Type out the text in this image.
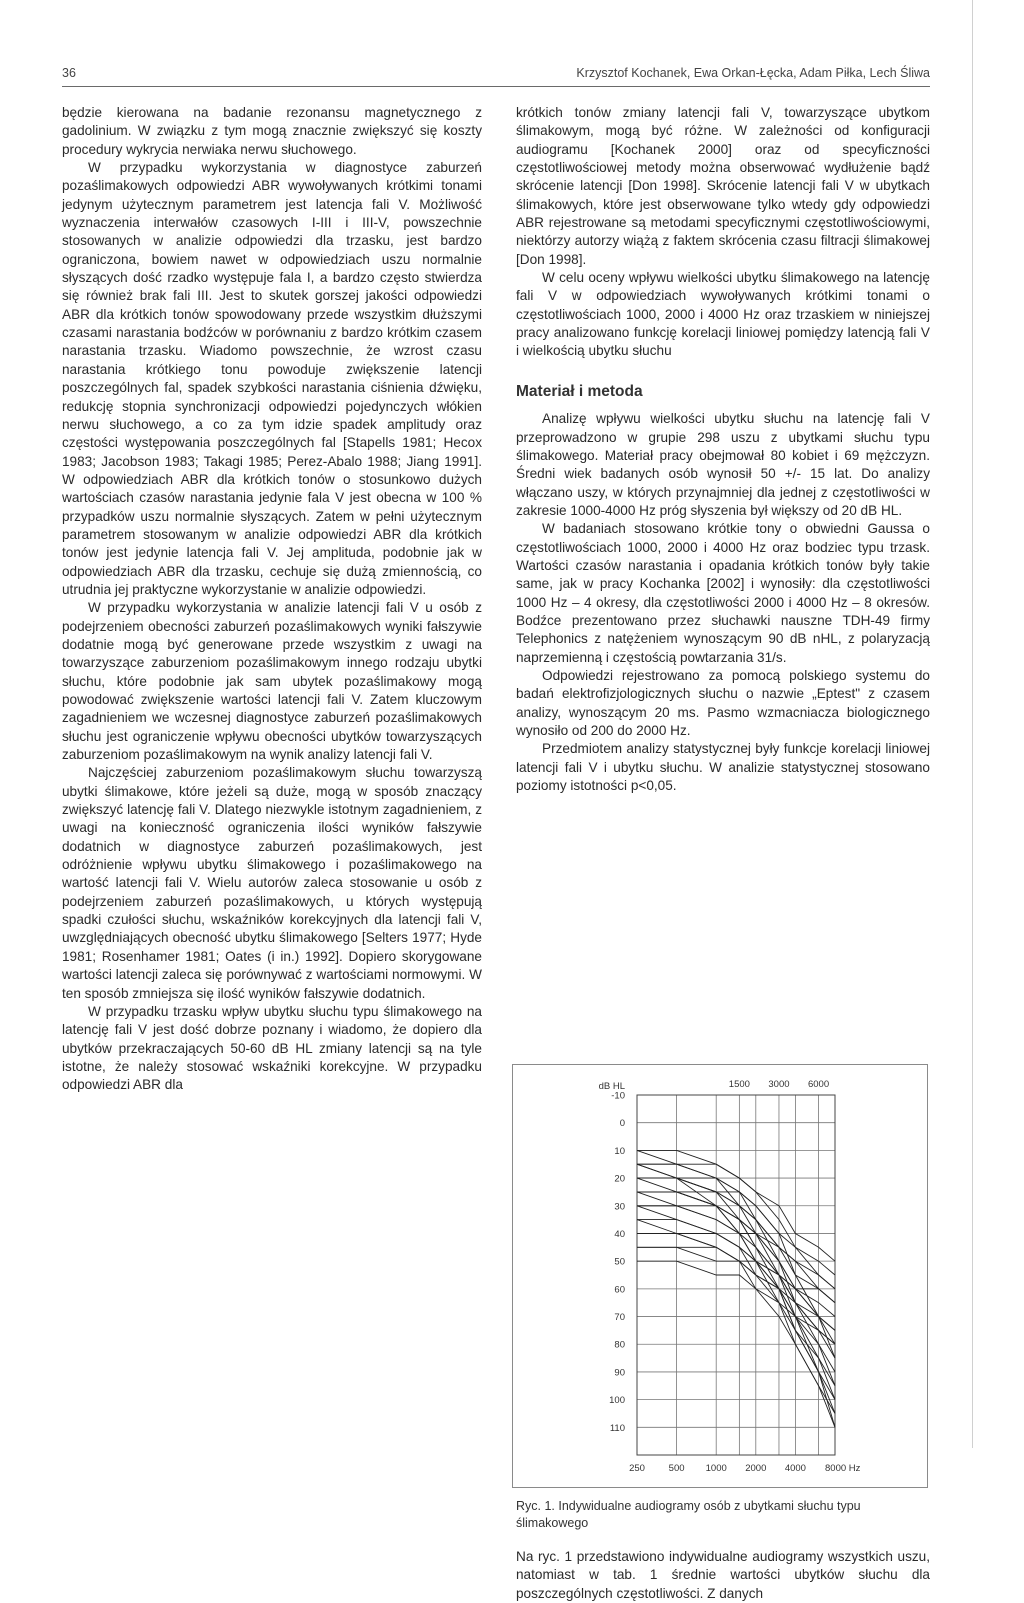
36	Krzysztof Kochanek, Ewa Orkan-Łęcka, Adam Piłka, Lech Śliwa

będzie kierowana na badanie rezonansu magnetycznego z gadolinium. W związku z tym mogą znacznie zwiększyć się koszty procedury wykrycia nerwiaka nerwu słuchowego.

W przypadku wykorzystania w diagnostyce zaburzeń pozaślimakowych odpowiedzi ABR wywoływanych krótkimi tonami jedynym użytecznym parametrem jest latencja fali V. Możliwość wyznaczenia interwałów czasowych I-III i III-V, powszechnie stosowanych w analizie odpowiedzi dla trzasku, jest bardzo ograniczona, bowiem nawet w odpowiedziach uszu normalnie słyszących dość rzadko występuje fala I, a bardzo często stwierdza się również brak fali III. Jest to skutek gorszej jakości odpowiedzi ABR dla krótkich tonów spowodowany przede wszystkim dłuższymi czasami narastania bodźców w porównaniu z bardzo krótkim czasem narastania trzasku. Wiadomo powszechnie, że wzrost czasu narastania krótkiego tonu powoduje zwiększenie latencji poszczególnych fal, spadek szybkości narastania ciśnienia dźwięku, redukcję stopnia synchronizacji odpowiedzi pojedynczych włókien nerwu słuchowego, a co za tym idzie spadek amplitudy oraz częstości występowania poszczególnych fal [Stapells 1981; Hecox 1983; Jacobson 1983; Takagi 1985; Perez-Abalo 1988; Jiang 1991]. W odpowiedziach ABR dla krótkich tonów o stosunkowo dużych wartościach czasów narastania jedynie fala V jest obecna w 100 % przypadków uszu normalnie słyszących. Zatem w pełni użytecznym parametrem stosowanym w analizie odpowiedzi ABR dla krótkich tonów jest jedynie latencja fali V. Jej amplituda, podobnie jak w odpowiedziach ABR dla trzasku, cechuje się dużą zmiennością, co utrudnia jej praktyczne wykorzystanie w analizie odpowiedzi.

W przypadku wykorzystania w analizie latencji fali V u osób z podejrzeniem obecności zaburzeń pozaślimakowych wyniki fałszywie dodatnie mogą być generowane przede wszystkim z uwagi na towarzyszące zaburzeniom pozaślimakowym innego rodzaju ubytki słuchu, które podobnie jak sam ubytek pozaślimakowy mogą powodować zwiększenie wartości latencji fali V. Zatem kluczowym zagadnieniem we wczesnej diagnostyce zaburzeń pozaślimakowych słuchu jest ograniczenie wpływu obecności ubytków towarzyszących zaburzeniom pozaślimakowym na wynik analizy latencji fali V.

Najczęściej zaburzeniom pozaślimakowym słuchu towarzyszą ubytki ślimakowe, które jeżeli są duże, mogą w sposób znaczący zwiększyć latencję fali V. Dlatego niezwykle istotnym zagadnieniem, z uwagi na konieczność ograniczenia ilości wyników fałszywie dodatnich w diagnostyce zaburzeń pozaślimakowych, jest odróżnienie wpływu ubytku ślimakowego i pozaślimakowego na wartość latencji fali V. Wielu autorów zaleca stosowanie u osób z podejrzeniem zaburzeń pozaślimakowych, u których występują spadki czułości słuchu, wskaźników korekcyjnych dla latencji fali V, uwzględniających obecność ubytku ślimakowego [Selters 1977; Hyde 1981; Rosenhamer 1981; Oates (i in.) 1992]. Dopiero skorygowane wartości latencji zaleca się porównywać z wartościami normowymi. W ten sposób zmniejsza się ilość wyników fałszywie dodatnich.

W przypadku trzasku wpływ ubytku słuchu typu ślimakowego na latencję fali V jest dość dobrze poznany i wiadomo, że dopiero dla ubytków przekraczających 50-60 dB HL zmiany latencji są na tyle istotne, że należy stosować wskaźniki korekcyjne. W przypadku odpowiedzi ABR dla

krótkich tonów zmiany latencji fali V, towarzyszące ubytkom ślimakowym, mogą być różne. W zależności od konfiguracji audiogramu [Kochanek 2000] oraz od specyficzności częstotliwościowej metody można obserwować wydłużenie bądź skrócenie latencji [Don 1998]. Skrócenie latencji fali V w ubytkach ślimakowych, które jest obserwowane tylko wtedy gdy odpowiedzi ABR rejestrowane są metodami specyficznymi częstotliwościowymi, niektórzy autorzy wiążą z faktem skrócenia czasu filtracji ślimakowej [Don 1998].

W celu oceny wpływu wielkości ubytku ślimakowego na latencję fali V w odpowiedziach wywoływanych krótkimi tonami o częstotliwościach 1000, 2000 i 4000 Hz oraz trzaskiem w niniejszej pracy analizowano funkcję korelacji liniowej pomiędzy latencją fali V i wielkością ubytku słuchu

Materiał i metoda

Analizę wpływu wielkości ubytku słuchu na latencję fali V przeprowadzono w grupie 298 uszu z ubytkami słuchu typu ślimakowego. Materiał pracy obejmował 80 kobiet i 69 mężczyzn. Średni wiek badanych osób wynosił 50 +/- 15 lat. Do analizy włączano uszy, w których przynajmniej dla jednej z częstotliwości w zakresie 1000-4000 Hz próg słyszenia był większy od 20 dB HL.

W badaniach stosowano krótkie tony o obwiedni Gaussa o częstotliwościach 1000, 2000 i 4000 Hz oraz bodziec typu trzask. Wartości czasów narastania i opadania krótkich tonów były takie same, jak w pracy Kochanka [2002] i wynosiły: dla częstotliwości 1000 Hz – 4 okresy, dla częstotliwości 2000 i 4000 Hz – 8 okresów. Bodźce prezentowano przez słuchawki nauszne TDH-49 firmy Telephonics z natężeniem wynoszącym 90 dB nHL, z polaryzacją naprzemienną i częstością powtarzania 31/s.

Odpowiedzi rejestrowano za pomocą polskiego systemu do badań elektrofizjologicznych słuchu o nazwie „Eptest" z czasem analizy, wynoszącym 20 ms. Pasmo wzmacniacza biologicznego wynosiło od 200 do 2000 Hz.

Przedmiotem analizy statystycznej były funkcje korelacji liniowej latencji fali V i ubytku słuchu. W analizie statystycznej stosowano poziomy istotności p<0,05.

-10
0
10
20
30
40
50
60
70
80
90
100
110
dB HL
250 500 1000 2000 4000 8000 Hz
1500 3000 6000
Ryc. 1. Indywidualne audiogramy osób z ubytkami słuchu typu ślimakowego

Na ryc. 1 przedstawiono indywidualne audiogramy wszystkich uszu, natomiast w tab. 1 średnie wartości ubytków słuchu dla poszczególnych częstotliwości. Z danych
